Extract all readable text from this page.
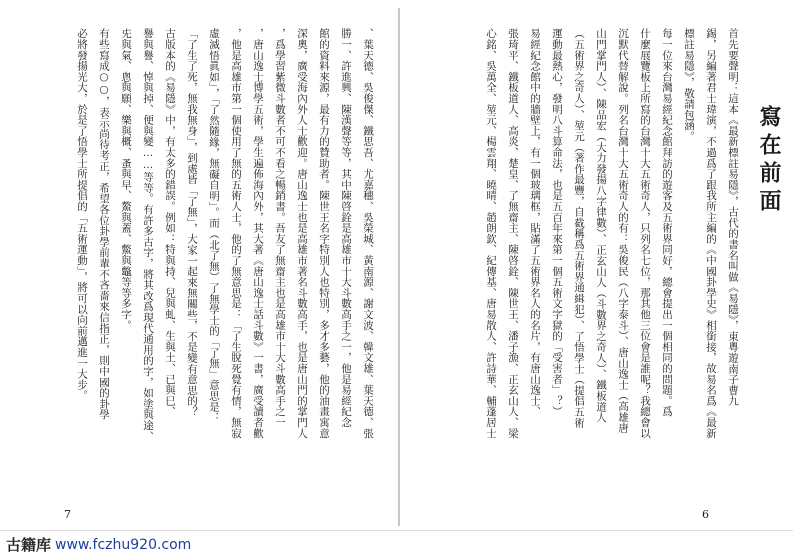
、葉天德、吳俊傑、鐵思吾、尤嘉穗、吳榮城、黃南源、謝文波、韓文雄、葉天德、張
勝一、許進興、陳漢聲等等，其中陳啓銓是高雄市十大斗數高手之一，他是易經紀念
館的資料來源，最有力的贊助者。陳世王名字特別人也特別，多才多藝，他的油畫寓意
深奧，廣受海內外人士歡迎。唐山逸士也是高雄市著名斗數高手，也是唐山門的掌門人
，爲學習紫微斗數者不可不看之暢銷書。吾友了無齋主也是高雄市十大斗數高手之一
，唐山逸士博學五術，學生遍佈海內外，其大著《唐山逸士話斗數》一書，廣受讀者歡
，他是高雄市第一個使用了無的五術人士，他的了無意思是：「了生脫死覺有情，無寂
虛滅悟眞如」，「了然隨緣，無礙自明」。而（北了無）了無學士的「了無」意思是：
「了生了死，無我無身」，到處皆「了無」，大家一起來無關些，不是變有意思的？
古版本的《易隱》中，有太多的錯誤。例如：特與持、兒與虬、生與土、已與巳、
譽與譽、悼與掉、便與變……等等。有許多古字，將其改爲現代通用的字，如塗與途、
兂與氣、悤與願、樂與概、蚤與早、鰲與蓋、鱉與鼈等等多字。
有些寫成○○，表示尚待考正，希望各位卦學前輩不吝嗇來信指正，則中國的卦學
必將發揚光大，於是了悟學士所提倡的「五術運動」，將可以向前邁進一大步。
7
寫在前面
首先要聲明：這本《最新標註易隱》，古代的書名叫做《易隱》，東粵遊南子曹九
錫，另編著君士瑋演，不過爲了跟我所主編的《中國卦學史》相銜接，故易名爲《最新
標註易隱》，敬請包涵。
每一位來台灣易經紀念館拜訪的遊客及五術界同好，總會提出一個相同的問題。爲
什麼展覽板上所寫的台灣十大五術奇人，只列名七位，那其他三位會是誰呢？我總會以
沉默代替解說。列名台灣十大五術奇人的有：吳俊民（八字泰斗）、唐山逸士（高雄唐
山門掌門人）、陳品宏（大力發揚八字律數）、正玄山人（斗數界之奇人）、鐵板道人
（五術界之奇人）、堃元（著作最豐，自截稱爲五術界通緝犯）、了悟學士（提倡五術
運動最熱心，發明八斗算命法，也是五百年來第一個五術文字獄的「受害者」？）
易經紀念館中的牆壁上，有一個玻璃框，貼滿了五術界名人的名片，有唐山逸士、
張琦平、鐵板道人、高炎、楚皇、了無齋主、陳啓銓、陳世王、潘子漁、正玄山人、梁
心銘、吳萬全、堃元、楊雲翔、曉晴、趙朗欽、紀傳基、唐易散人、許詩華、輔蓬居士
6
古籍库 www.fczhu920.com
